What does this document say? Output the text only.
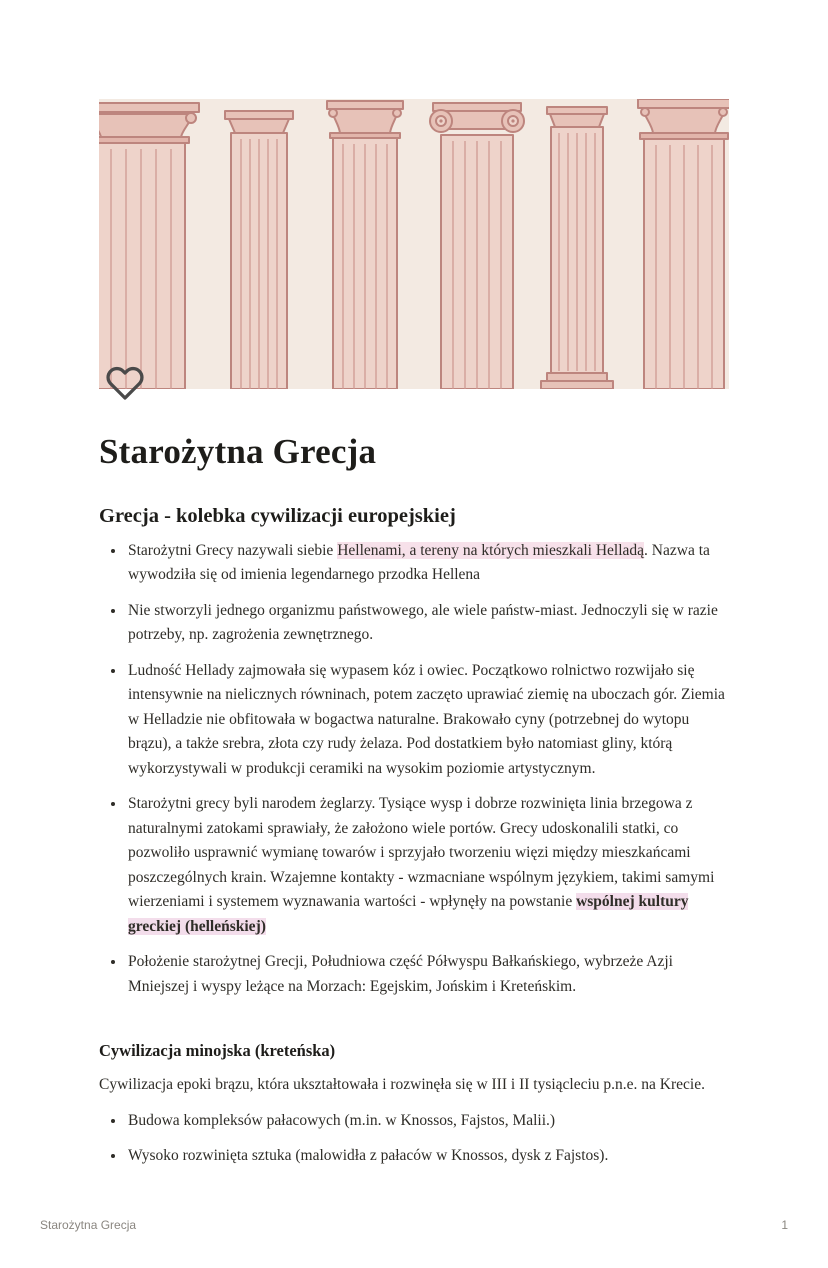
Starożytna Grecja
Grecja - kolebka cywilizacji europejskiej
• Starożytni Grecy nazywali siebie Hellenami, a tereny na których mieszkali Helladą. Nazwa ta wywodziła się od imienia legendarnego przodka Hellena
• Nie stworzyli jednego organizmu państwowego, ale wiele państw-miast. Jednoczyli się w razie potrzeby, np. zagrożenia zewnętrznego.
• Ludność Hellady zajmowała się wypasem kóz i owiec. Początkowo rolnictwo rozwijało się intensywnie na nielicznych równinach, potem zaczęto uprawiać ziemię na uboczach gór. Ziemia w Helladzie nie obfitowała w bogactwa naturalne. Brakowało cyny (potrzebnej do wytopu brązu), a także srebra, złota czy rudy żelaza. Pod dostatkiem było natomiast gliny, którą wykorzystywali w produkcji ceramiki na wysokim poziomie artystycznym.
• Starożytni grecy byli narodem żeglarzy. Tysiące wysp i dobrze rozwinięta linia brzegowa z naturalnymi zatokami sprawiały, że założono wiele portów. Grecy udoskonalili statki, co pozwoliło usprawnić wymianę towarów i sprzyjało tworzeniu więzi między mieszkańcami poszczególnych krain. Wzajemne kontakty - wzmacniane wspólnym językiem, takimi samymi wierzeniami i systemem wyznawania wartości - wpłynęły na powstanie wspólnej kultury greckiej (helleńskiej)
• Położenie starożytnej Grecji, Południowa część Półwyspu Bałkańskiego, wybrzeże Azji Mniejszej i wyspy leżące na Morzach: Egejskim, Jońskim i Kreteńskim.
Cywilizacja minojska (kreteńska)

Cywilizacja epoki brązu, która ukształtowała i rozwinęła się w III i II tysiącleciu p.n.e. na Krecie.

• Budowa kompleksów pałacowych (m.in. w Knossos, Fajstos, Malii.)
• Wysoko rozwinięta sztuka (malowidła z pałaców w Knossos, dysk z Fajstos).
Starożytna Grecja	1
